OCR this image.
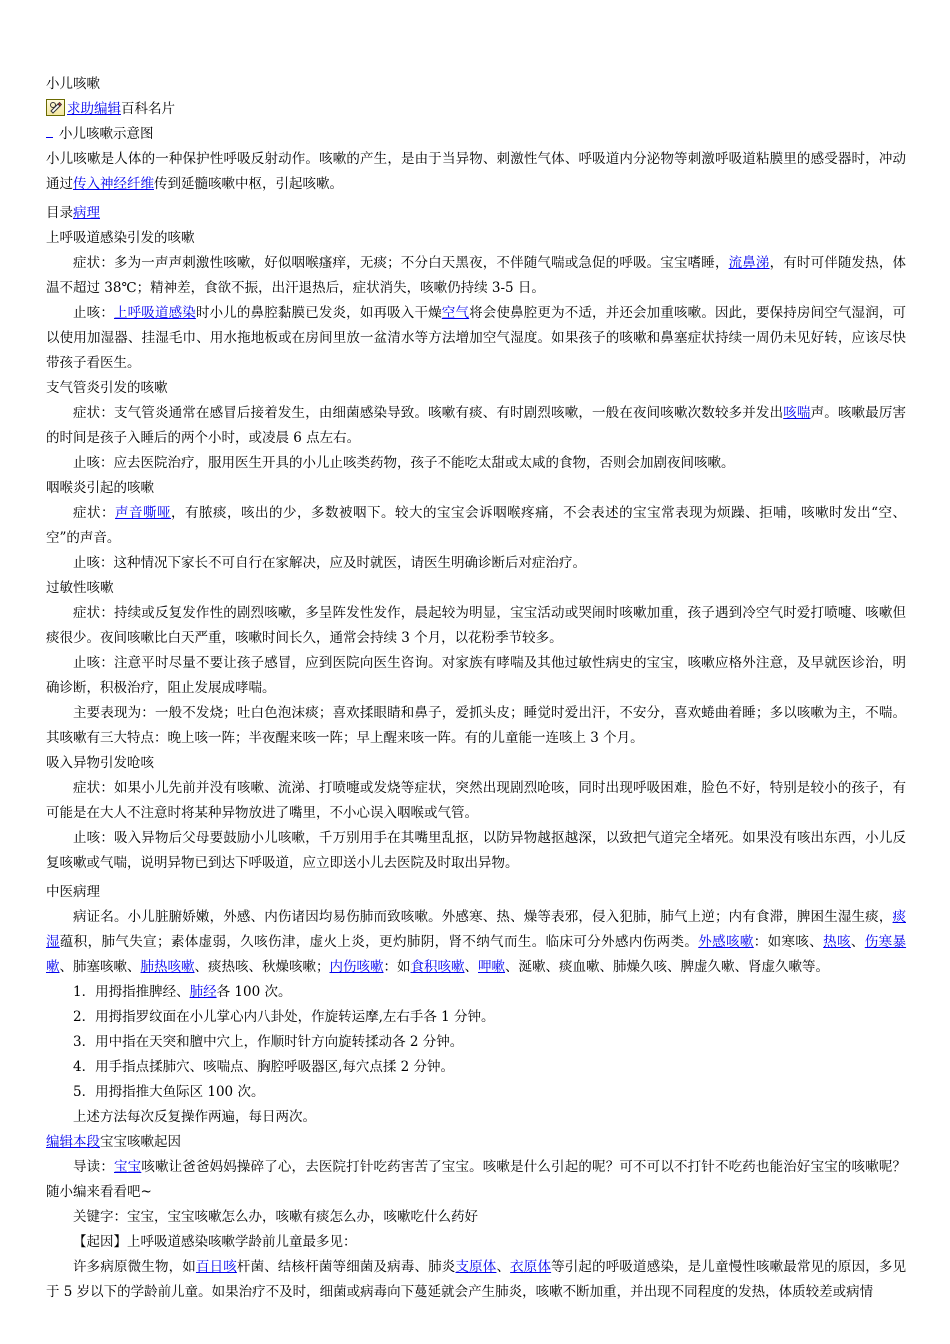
小儿咳嗽

求助编辑百科名片

小儿咳嗽示意图

小儿咳嗽是人体的一种保护性呼吸反射动作。咳嗽的产生，是由于当异物、刺激性气体、呼吸道内分泌物等刺激呼吸道粘膜里的感受器时，冲动通过传入神经纤维传到延髓咳嗽中枢，引起咳嗽。

目录病理

上呼吸道感染引发的咳嗽

症状：多为一声声刺激性咳嗽，好似咽喉瘙痒，无痰；不分白天黑夜，不伴随气喘或急促的呼吸。宝宝嗜睡，流鼻涕，有时可伴随发热，体温不超过 38℃；精神差，食欲不振，出汗退热后，症状消失，咳嗽仍持续 3-5 日。

止咳：上呼吸道感染时小儿的鼻腔黏膜已发炎，如再吸入干燥空气将会使鼻腔更为不适，并还会加重咳嗽。因此，要保持房间空气湿润，可以使用加湿器、挂湿毛巾、用水拖地板或在房间里放一盆清水等方法增加空气湿度。如果孩子的咳嗽和鼻塞症状持续一周仍未见好转，应该尽快带孩子看医生。

支气管炎引发的咳嗽

症状：支气管炎通常在感冒后接着发生，由细菌感染导致。咳嗽有痰、有时剧烈咳嗽，一般在夜间咳嗽次数较多并发出咳喘声。咳嗽最厉害的时间是孩子入睡后的两个小时，或凌晨 6 点左右。

止咳：应去医院治疗，服用医生开具的小儿止咳类药物，孩子不能吃太甜或太咸的食物，否则会加剧夜间咳嗽。

咽喉炎引起的咳嗽

症状：声音嘶哑，有脓痰，咳出的少，多数被咽下。较大的宝宝会诉咽喉疼痛，不会表述的宝宝常表现为烦躁、拒哺，咳嗽时发出“空、空”的声音。

止咳：这种情况下家长不可自行在家解决，应及时就医，请医生明确诊断后对症治疗。

过敏性咳嗽

症状：持续或反复发作性的剧烈咳嗽，多呈阵发性发作，晨起较为明显，宝宝活动或哭闹时咳嗽加重，孩子遇到冷空气时爱打喷嚏、咳嗽但痰很少。夜间咳嗽比白天严重，咳嗽时间长久，通常会持续 3 个月，以花粉季节较多。

止咳：注意平时尽量不要让孩子感冒，应到医院向医生咨询。对家族有哮喘及其他过敏性病史的宝宝，咳嗽应格外注意，及早就医诊治，明确诊断，积极治疗，阻止发展成哮喘。

主要表现为：一般不发烧；吐白色泡沫痰；喜欢揉眼睛和鼻子，爱抓头皮；睡觉时爱出汗，不安分，喜欢蜷曲着睡；多以咳嗽为主，不喘。其咳嗽有三大特点：晚上咳一阵；半夜醒来咳一阵；早上醒来咳一阵。有的儿童能一连咳上 3 个月。

吸入异物引发呛咳

症状：如果小儿先前并没有咳嗽、流涕、打喷嚏或发烧等症状，突然出现剧烈呛咳，同时出现呼吸困难，脸色不好，特别是较小的孩子，有可能是在大人不注意时将某种异物放进了嘴里，不小心误入咽喉或气管。

止咳：吸入异物后父母要鼓励小儿咳嗽，千万别用手在其嘴里乱抠，以防异物越抠越深，以致把气道完全堵死。如果没有咳出东西，小儿反复咳嗽或气喘，说明异物已到达下呼吸道，应立即送小儿去医院及时取出异物。

中医病理

病证名。小儿脏腑娇嫩，外感、内伤诸因均易伤肺而致咳嗽。外感寒、热、燥等表邪，侵入犯肺，肺气上逆；内有食滞，脾困生湿生痰，痰湿蕴积，肺气失宣；素体虚弱，久咳伤津，虚火上炎，更灼肺阴，肾不纳气而生。临床可分外感内伤两类。外感咳嗽：如寒咳、热咳、伤寒暴嗽、肺塞咳嗽、肺热咳嗽、痰热咳、秋燥咳嗽；内伤咳嗽：如食积咳嗽、呷嗽、涎嗽、痰血嗽、肺燥久咳、脾虚久嗽、肾虚久嗽等。

1．用拇指推脾经、肺经各 100 次。

2．用拇指罗纹面在小儿掌心内八卦处，作旋转运摩,左右手各 1 分钟。

3．用中指在天突和膻中穴上，作顺时针方向旋转揉动各 2 分钟。

4．用手指点揉肺穴、咳喘点、胸腔呼吸器区,每穴点揉 2 分钟。

5．用拇指推大鱼际区 100 次。

上述方法每次反复操作两遍，每日两次。

编辑本段宝宝咳嗽起因

导读：宝宝咳嗽让爸爸妈妈操碎了心，去医院打针吃药害苦了宝宝。咳嗽是什么引起的呢？可不可以不打针不吃药也能治好宝宝的咳嗽呢？随小编来看看吧~

关键字：宝宝，宝宝咳嗽怎么办，咳嗽有痰怎么办，咳嗽吃什么药好

【起因】上呼吸道感染咳嗽学龄前儿童最多见：

许多病原微生物，如百日咳杆菌、结核杆菌等细菌及病毒、肺炎支原体、衣原体等引起的呼吸道感染，是儿童慢性咳嗽最常见的原因，多见于 5 岁以下的学龄前儿童。如果治疗不及时，细菌或病毒向下蔓延就会产生肺炎，咳嗽不断加重，并出现不同程度的发热，体质较差或病情
